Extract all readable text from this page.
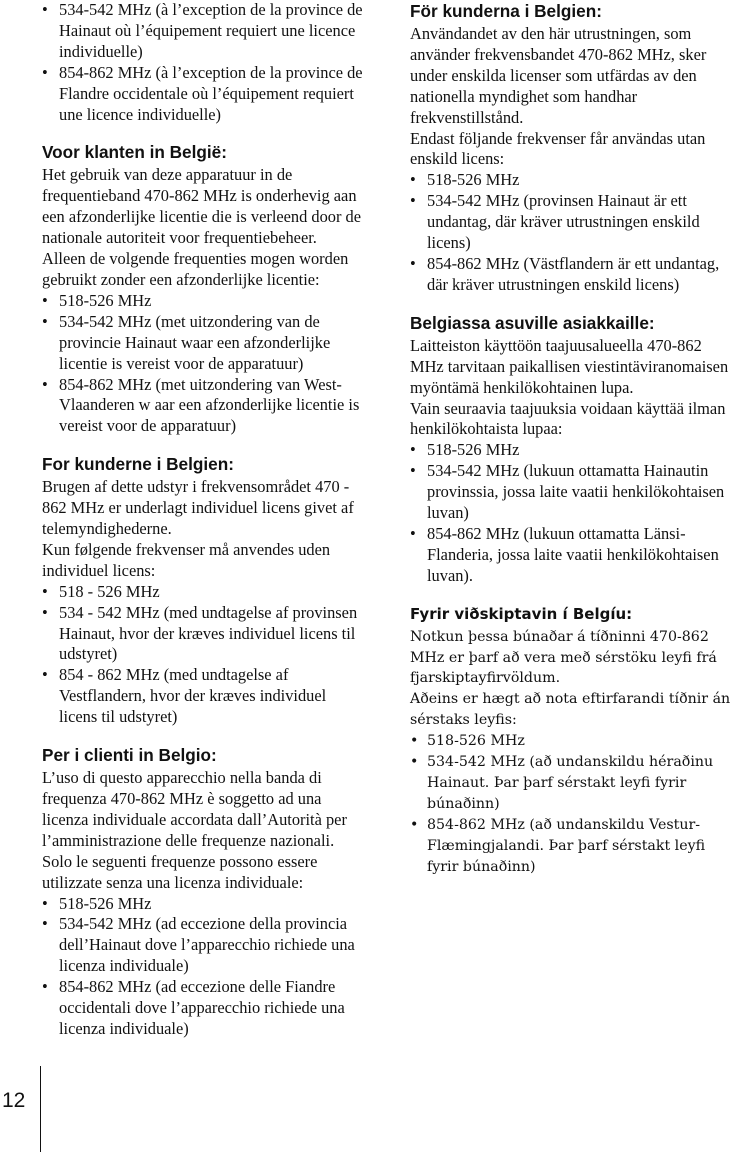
• 534-542 MHz (à l’exception de la province de Hainaut où l’équipement requiert une licence individuelle)
• 854-862 MHz (à l’exception de la province de Flandre occidentale où l’équipement requiert une licence individuelle)
Voor klanten in België:

Het gebruik van deze apparatuur in de frequentieband 470-862 MHz is onderhevig aan een afzonderlijke licentie die is verleend door de nationale autoriteit voor frequentiebeheer.

Alleen de volgende frequenties mogen worden gebruikt zonder een afzonderlijke licentie:

• 518-526 MHz
• 534-542 MHz (met uitzondering van de provincie Hainaut waar een afzonderlijke licentie is vereist voor de apparatuur)
• 854-862 MHz (met uitzondering van West-Vlaanderen w aar een afzonderlijke licentie is vereist voor de apparatuur)
For kunderne i Belgien:

Brugen af dette udstyr i frekvensområdet 470 - 862 MHz er underlagt individuel licens givet af telemyndighederne.

Kun følgende frekvenser må anvendes uden individuel licens:

• 518 - 526 MHz
• 534 - 542 MHz (med undtagelse af provinsen Hainaut, hvor der kræves individuel licens til udstyret)
• 854 - 862 MHz (med undtagelse af Vestflandern, hvor der kræves individuel licens til udstyret)
Per i clienti in Belgio:

L’uso di questo apparecchio nella banda di frequenza 470-862 MHz è soggetto ad una licenza individuale accordata dall’Autorità per l’amministrazione delle frequenze nazionali.

Solo le seguenti frequenze possono essere utilizzate senza una licenza individuale:

• 518-526 MHz
• 534-542 MHz (ad eccezione della provincia dell’Hainaut dove l’apparecchio richiede una licenza individuale)
• 854-862 MHz (ad eccezione delle Fiandre occidentali dove l’apparecchio richiede una licenza individuale)
För kunderna i Belgien:

Användandet av den här utrustningen, som använder frekvensbandet 470-862 MHz, sker under enskilda licenser som utfärdas av den nationella myndighet som handhar frekvenstillstånd.

Endast följande frekvenser får användas utan enskild licens:

• 518-526 MHz
• 534-542 MHz (provinsen Hainaut är ett undantag, där kräver utrustningen enskild licens)
• 854-862 MHz (Västflandern är ett undantag, där kräver utrustningen enskild licens)
Belgiassa asuville asiakkaille:

Laitteiston käyttöön taajuusalueella 470-862 MHz tarvitaan paikallisen viestintäviranomaisen myöntämä henkilökohtainen lupa.

Vain seuraavia taajuuksia voidaan käyttää ilman henkilökohtaista lupaa:

• 518-526 MHz
• 534-542 MHz (lukuun ottamatta Hainautin provinssia, jossa laite vaatii henkilökohtaisen luvan)
• 854-862 MHz (lukuun ottamatta Länsi-Flanderia, jossa laite vaatii henkilökohtaisen luvan).
Fyrir viðskiptavin í Belgíu:

Notkun þessa búnaðar á tíðninni 470-862 MHz er þarf að vera með sérstöku leyfi frá fjarskiptayfirvöldum.

Aðeins er hægt að nota eftirfarandi tíðnir án sérstaks leyfis:

• 518-526 MHz
• 534-542 MHz (að undanskildu héraðinu Hainaut. Þar þarf sérstakt leyfi fyrir búnaðinn)
• 854-862 MHz (að undanskildu Vestur-Flæmingjalandi. Þar þarf sérstakt leyfi fyrir búnaðinn)
12
